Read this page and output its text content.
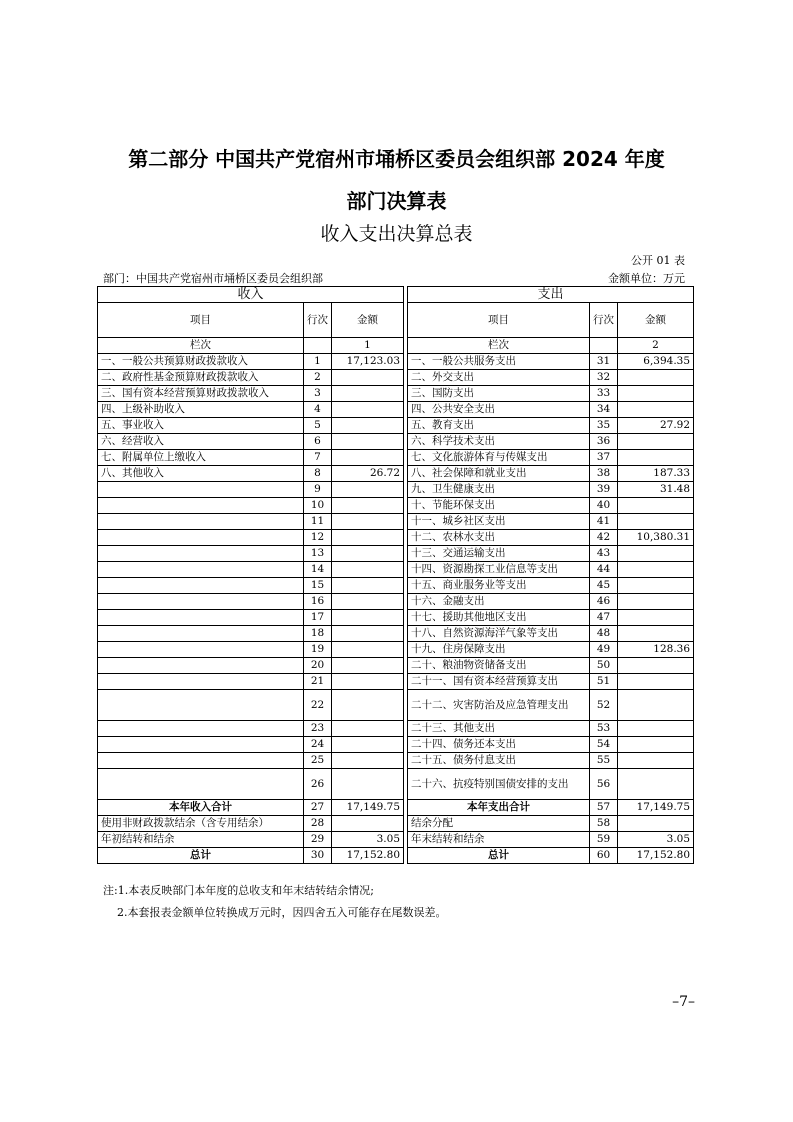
第二部分 中国共产党宿州市埇桥区委员会组织部 2024 年度
部门决算表
收入支出决算总表
公开 01 表
部门：中国共产党宿州市埇桥区委员会组织部	金额单位：万元
收入				支出		
项目	行次	金额		项目	行次	金额
栏次		1		栏次		2
一、一般公共预算财政拨款收入	1	17,123.03		一、一般公共服务支出	31	6,394.35
二、政府性基金预算财政拨款收入	2			二、外交支出	32	
三、国有资本经营预算财政拨款收入	3			三、国防支出	33	
四、上级补助收入	4			四、公共安全支出	34	
五、事业收入	5			五、教育支出	35	27.92
六、经营收入	6			六、科学技术支出	36	
七、附属单位上缴收入	7			七、文化旅游体育与传媒支出	37	
八、其他收入	8	26.72		八、社会保障和就业支出	38	187.33
	9			九、卫生健康支出	39	31.48
	10			十、节能环保支出	40	
	11			十一、城乡社区支出	41	
	12			十二、农林水支出	42	10,380.31
	13			十三、交通运输支出	43	
	14			十四、资源勘探工业信息等支出	44	
	15			十五、商业服务业等支出	45	
	16			十六、金融支出	46	
	17			十七、援助其他地区支出	47	
	18			十八、自然资源海洋气象等支出	48	
	19			十九、住房保障支出	49	128.36
	20			二十、粮油物资储备支出	50	
	21			二十一、国有资本经营预算支出	51	
	22			二十二、灾害防治及应急管理支出	52	
	23			二十三、其他支出	53	
	24			二十四、债务还本支出	54	
	25			二十五、债务付息支出	55	
	26			二十六、抗疫特别国债安排的支出	56	
本年收入合计	27	17,149.75		本年支出合计	57	17,149.75
使用非财政拨款结余（含专用结余）	28			结余分配	58	
年初结转和结余	29	3.05		年末结转和结余	59	3.05
总计	30	17,152.80		总计	60	17,152.80
注:1.本表反映部门本年度的总收支和年末结转结余情况;
2.本套报表金额单位转换成万元时，因四舍五入可能存在尾数误差。
–7–
